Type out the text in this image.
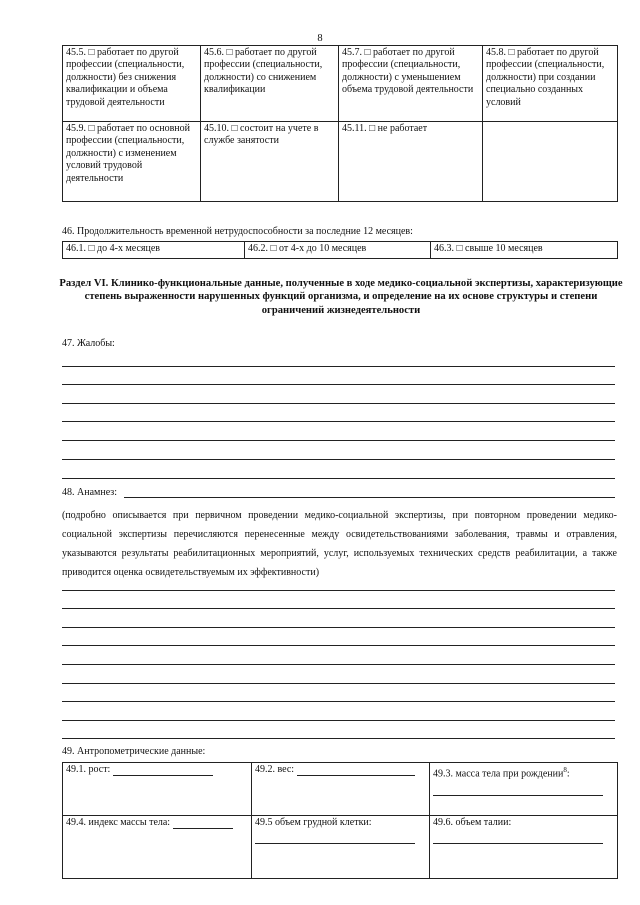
8
45.5. □ работает по другой профессии (специальности, должности) без снижения квалификации и объема трудовой деятельности	45.6. □ работает по другой профессии (специальности, должности) со снижением квалификации	45.7. □ работает по другой профессии (специальности, должности) с уменьшением объема трудовой деятельности	45.8. □ работает по другой профессии (специальности, должности) при создании специально созданных условий
45.9. □ работает по основной профессии (специальности, должности) с изменением условий трудовой деятельности	45.10. □ состоит на учете в службе занятости	45.11. □ не работает	
46. Продолжительность временной нетрудоспособности за последние 12 месяцев:
46.1. □ до 4-х месяцев	46.2. □ от 4-х до 10 месяцев	46.3. □ свыше 10 месяцев
Раздел VI. Клинико-функциональные данные, полученные в ходе медико-социальной экспертизы, характеризующие степень выраженности нарушенных функций организма, и определение на их основе структуры и степени ограничений жизнедеятельности
47. Жалобы:
48. Анамнез:
(подробно описывается при первичном проведении медико-социальной экспертизы, при повторном проведении медико-социальной экспертизы перечисляются перенесенные между освидетельствованиями заболевания, травмы и отравления, указываются результаты реабилитационных мероприятий, услуг, используемых технических средств реабилитации, а также приводится оценка освидетельствуемым их эффективности)
49. Антропометрические данные:
49.1. рост:	49.2. вес:	49.3. масса тела при рождении$^8$:

49.4. индекс массы тела:	49.5 объем грудной клетки:	49.6. объем талии:
